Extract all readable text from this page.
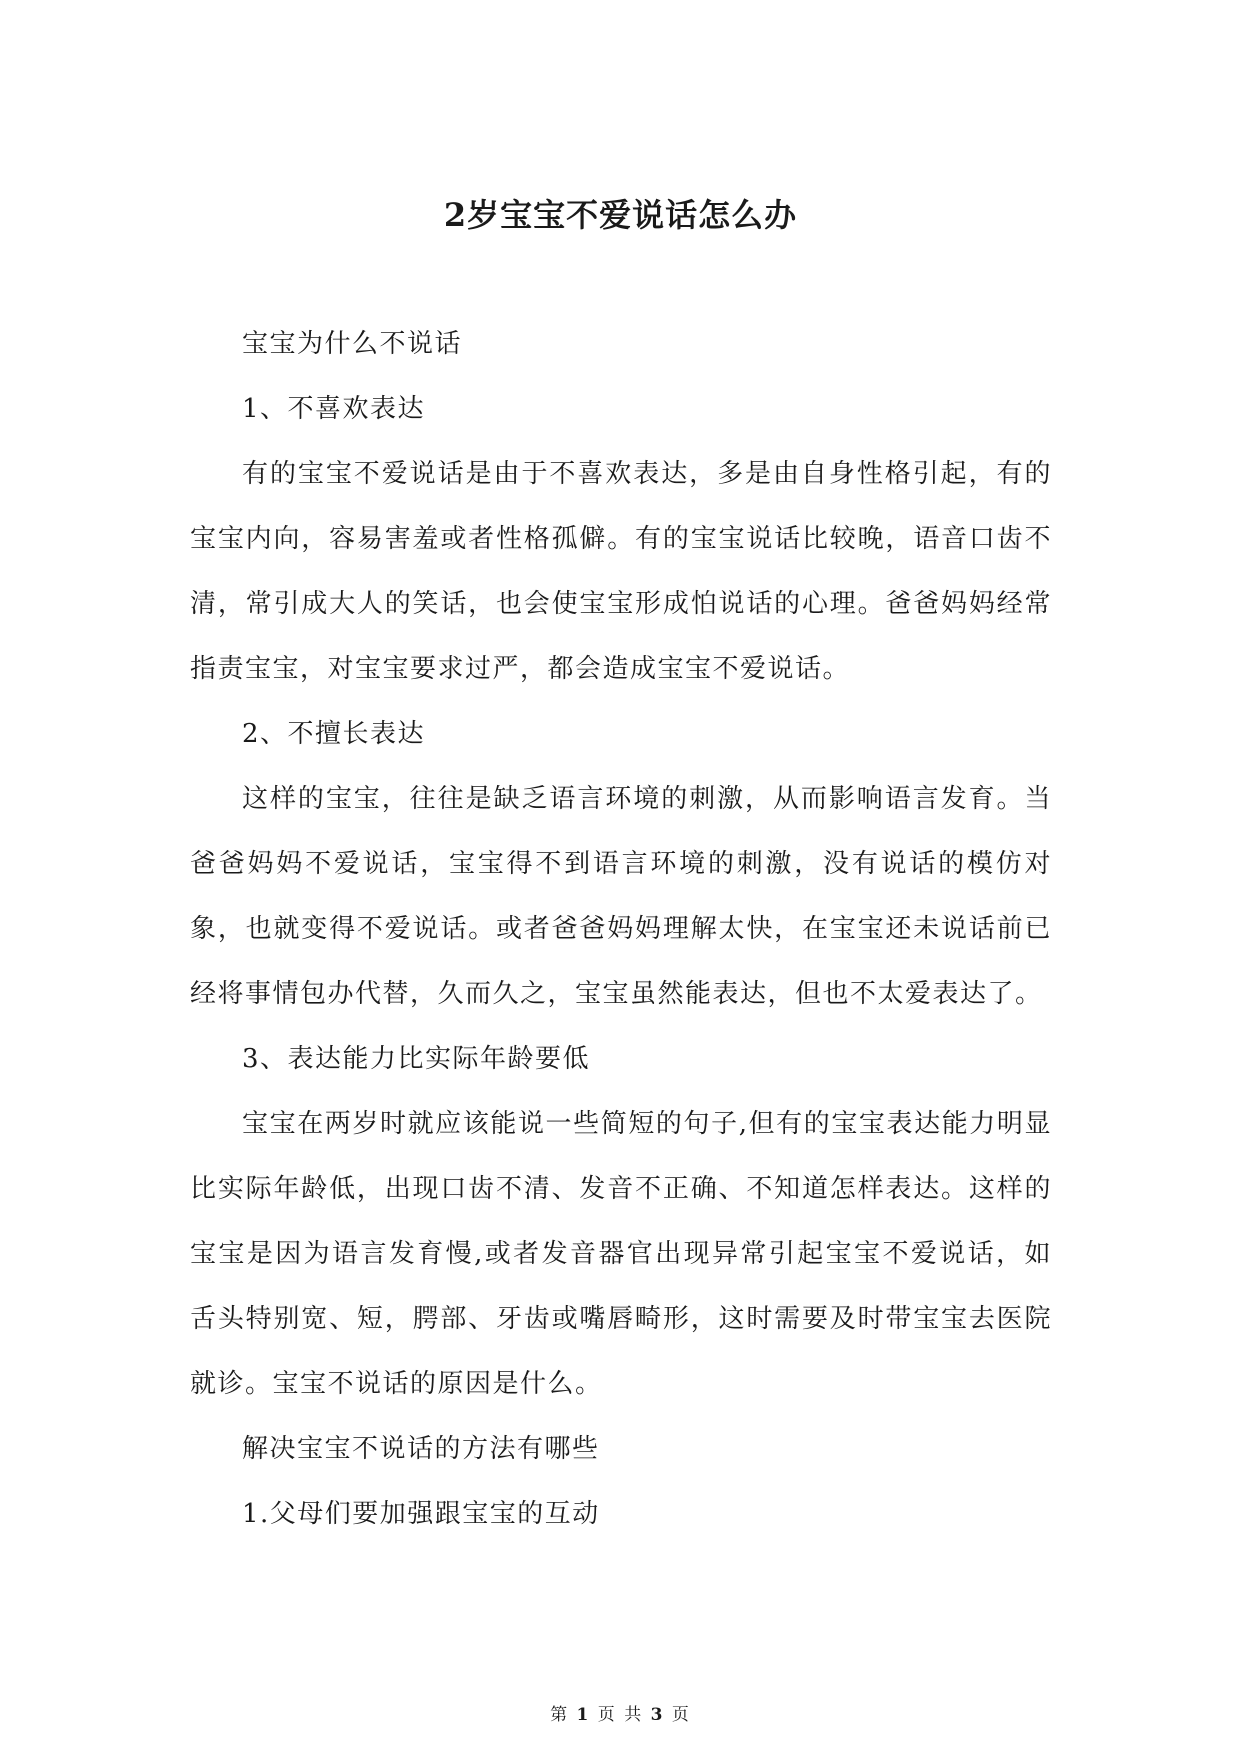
2岁宝宝不爱说话怎么办

宝宝为什么不说话

1、不喜欢表达

有的宝宝不爱说话是由于不喜欢表达，多是由自身性格引起，有的宝宝内向，容易害羞或者性格孤僻。有的宝宝说话比较晚，语音口齿不清，常引成大人的笑话，也会使宝宝形成怕说话的心理。爸爸妈妈经常指责宝宝，对宝宝要求过严，都会造成宝宝不爱说话。

2、不擅长表达

这样的宝宝，往往是缺乏语言环境的刺激，从而影响语言发育。当爸爸妈妈不爱说话，宝宝得不到语言环境的刺激，没有说话的模仿对象，也就变得不爱说话。或者爸爸妈妈理解太快，在宝宝还未说话前已经将事情包办代替，久而久之，宝宝虽然能表达，但也不太爱表达了。

3、表达能力比实际年龄要低

宝宝在两岁时就应该能说一些简短的句子,但有的宝宝表达能力明显比实际年龄低，出现口齿不清、发音不正确、不知道怎样表达。这样的宝宝是因为语言发育慢,或者发音器官出现异常引起宝宝不爱说话，如舌头特别宽、短，腭部、牙齿或嘴唇畸形，这时需要及时带宝宝去医院就诊。宝宝不说话的原因是什么。

解决宝宝不说话的方法有哪些

1.父母们要加强跟宝宝的互动

第 1 页 共 3 页
